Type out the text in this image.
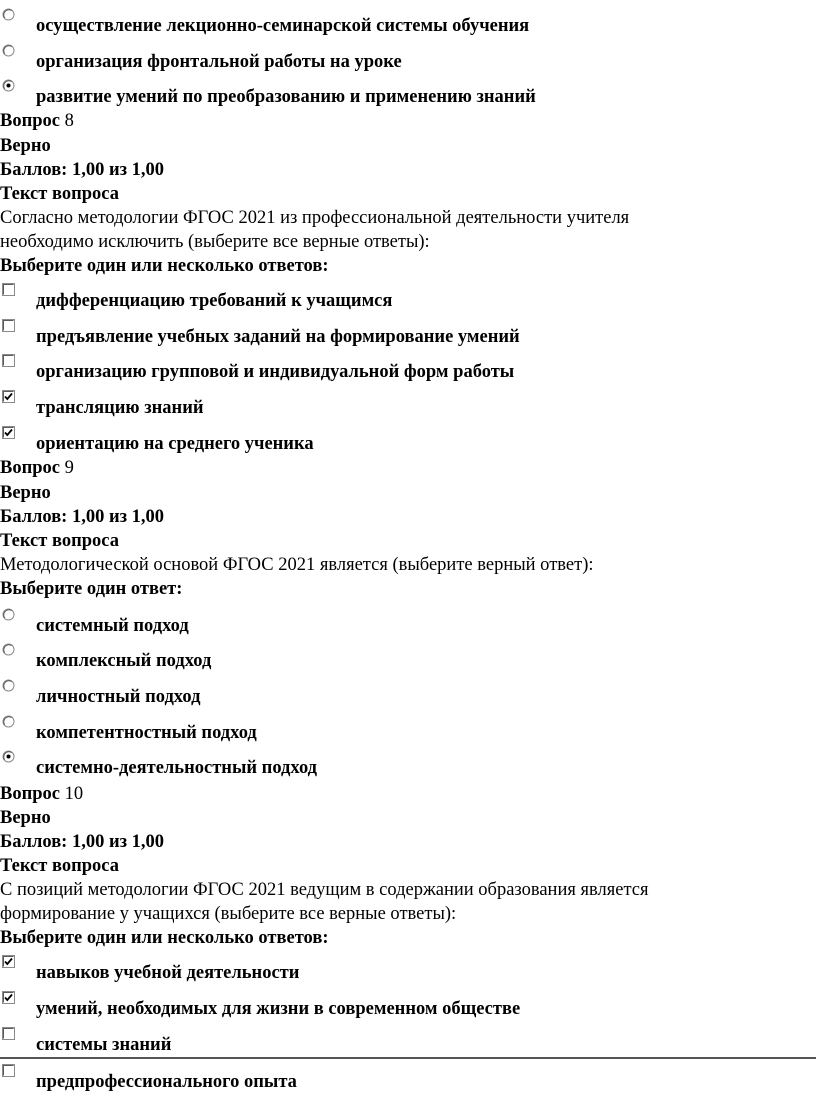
осуществление лекционно-семинарской системы обучения
организация фронтальной работы на уроке
развитие умений по преобразованию и применению знаний
Вопрос 8
Верно
Баллов: 1,00 из 1,00
Текст вопроса
Согласно методологии ФГОС 2021 из профессиональной деятельности учителя
необходимо исключить (выберите все верные ответы):
Выберите один или несколько ответов:
дифференциацию требований к учащимся
предъявление учебных заданий на формирование умений
организацию групповой и индивидуальной форм работы
трансляцию знаний
ориентацию на среднего ученика
Вопрос 9
Верно
Баллов: 1,00 из 1,00
Текст вопроса
Методологической основой ФГОС 2021 является (выберите верный ответ):
Выберите один ответ:
системный подход
комплексный подход
личностный подход
компетентностный подход
системно-деятельностный подход
Вопрос 10
Верно
Баллов: 1,00 из 1,00
Текст вопроса
С позиций методологии ФГОС 2021 ведущим в содержании образования является
формирование у учащихся (выберите все верные ответы):
Выберите один или несколько ответов:
навыков учебной деятельности
умений, необходимых для жизни в современном обществе
системы знаний
предпрофессионального опыта
